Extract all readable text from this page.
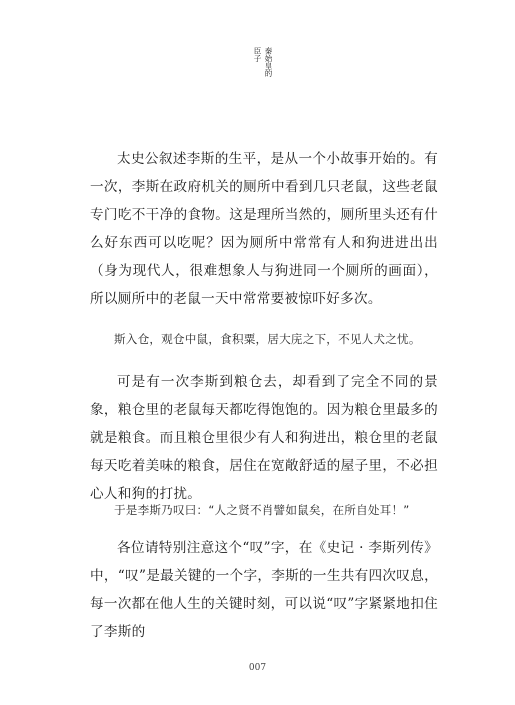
秦始皇的
臣子

太史公叙述李斯的生平，是从一个小故事开始的。有一次，李斯在政府机关的厕所中看到几只老鼠，这些老鼠专门吃不干净的食物。这是理所当然的，厕所里头还有什么好东西可以吃呢？因为厕所中常常有人和狗进进出出（身为现代人，很难想象人与狗进同一个厕所的画面），所以厕所中的老鼠一天中常常要被惊吓好多次。

斯入仓，观仓中鼠，食积粟，居大庑之下，不见人犬之忧。

可是有一次李斯到粮仓去，却看到了完全不同的景象，粮仓里的老鼠每天都吃得饱饱的。因为粮仓里最多的就是粮食。而且粮仓里很少有人和狗进出，粮仓里的老鼠每天吃着美味的粮食，居住在宽敞舒适的屋子里，不必担心人和狗的打扰。

于是李斯乃叹曰：“人之贤不肖譬如鼠矣，在所自处耳！”

各位请特别注意这个“叹”字，在《史记 · 李斯列传》中，“叹”是最关键的一个字，李斯的一生共有四次叹息，每一次都在他人生的关键时刻，可以说“叹”字紧紧地扣住了李斯的

007
